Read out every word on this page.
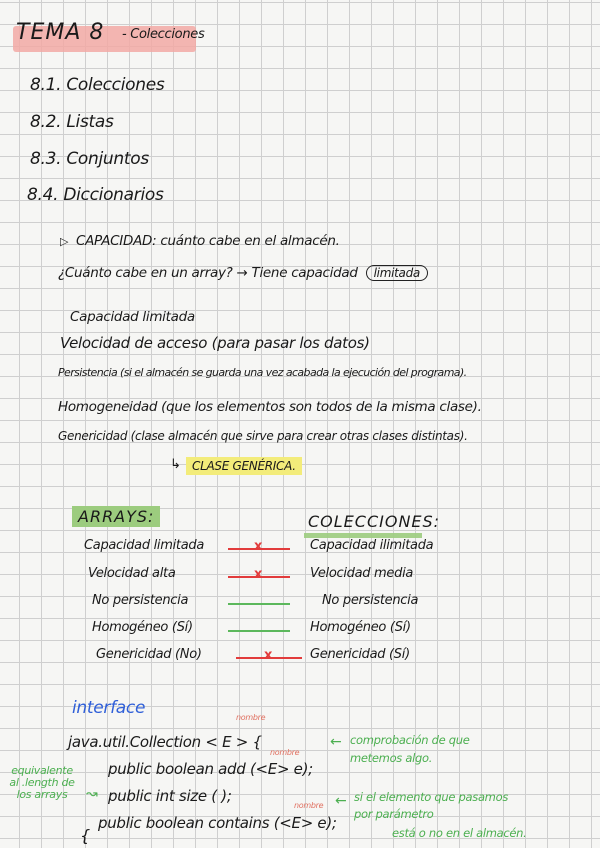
TEMA 8 - Colecciones
8.1. Colecciones
8.2. Listas
8.3. Conjuntos
8.4. Diccionarios
▷ CAPACIDAD: cuánto cabe en el almacén.
¿Cuánto cabe en un array? → Tiene capacidad limitada
Capacidad limitada
Velocidad de acceso (para pasar los datos)
Persistencia (si el almacén se guarda una vez acabada la ejecución del programa).
Homogeneidad (que los elementos son todos de la misma clase).
Genericidad (clase almacén que sirve para crear otras clases distintas).
↳ CLASE GENÉRICA.
ARRAYS:	COLECCIONES:
Capacidad limitada	Capacidad ilimitada
x
Velocidad alta	Velocidad media
x
No persistencia	No persistencia
Homogéneo (Sí)	Homogéneo (Sí)
Genericidad (No)	Genericidad (Sí)
x
interface	nombre
java.util.Collection < E > {
nombre
public boolean add (<E> e);
public int size ( );
nombre
public boolean contains (<E> e);
{
← comprobación de que metemos algo.
← si el elemento que pasamos por parámetro
está o no en el almacén.
equivalente al .length de los arrays	↝
